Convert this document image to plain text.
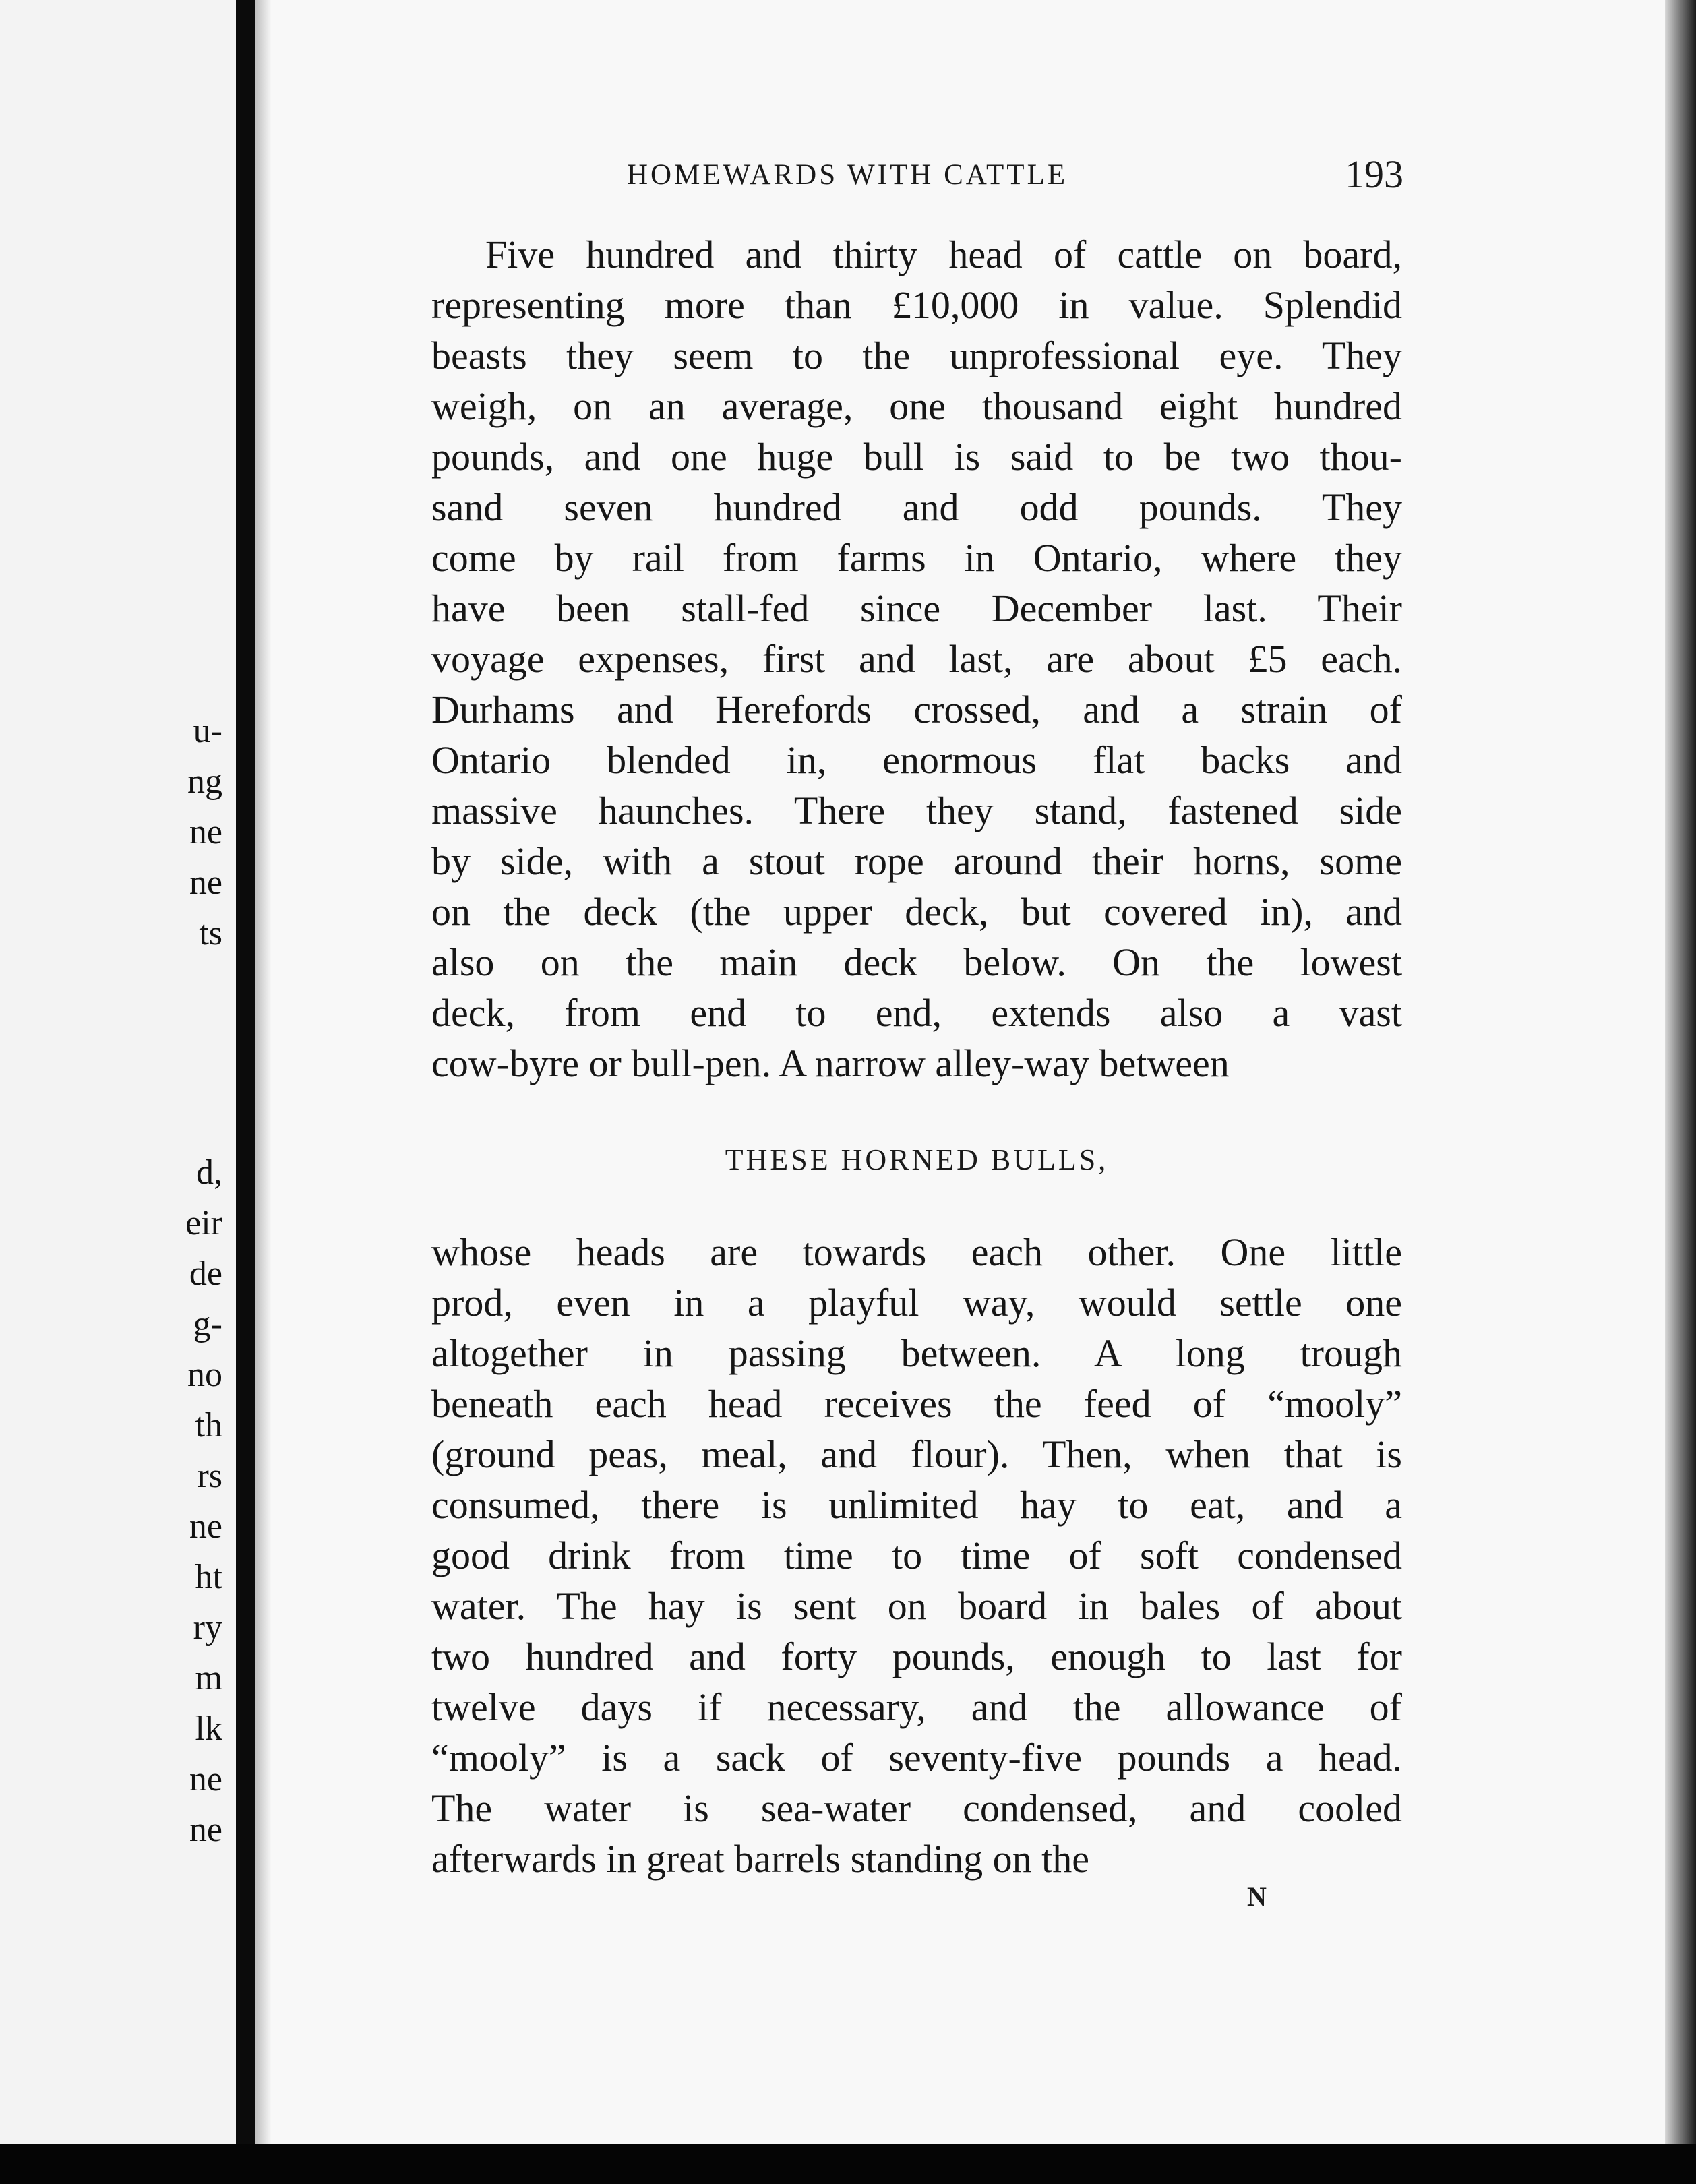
u-
ng
ne
ne
ts
d,
eir
de
g-
no
th
rs
ne
ht
ry
m
lk
ne
ne
HOMEWARDS WITH CATTLE	193
Five hundred and thirty head of cattle on board,
representing more than £10,000 in value. Splendid
beasts they seem to the unprofessional eye. They
weigh, on an average, one thousand eight hundred
pounds, and one huge bull is said to be two thou-
sand seven hundred and odd pounds. They
come by rail from farms in Ontario, where they
have been stall-fed since December last. Their
voyage expenses, first and last, are about £5 each.
Durhams and Herefords crossed, and a strain of
Ontario blended in, enormous flat backs and
massive haunches. There they stand, fastened side
by side, with a stout rope around their horns, some
on the deck (the upper deck, but covered in), and
also on the main deck below. On the lowest
deck, from end to end, extends also a vast
cow-byre or bull-pen. A narrow alley-way between
THESE HORNED BULLS,
whose heads are towards each other. One little
prod, even in a playful way, would settle one
altogether in passing between. A long trough
beneath each head receives the feed of “mooly”
(ground peas, meal, and flour). Then, when that is
consumed, there is unlimited hay to eat, and a
good drink from time to time of soft condensed
water. The hay is sent on board in bales of about
two hundred and forty pounds, enough to last for
twelve days if necessary, and the allowance of
“mooly” is a sack of seventy-five pounds a head.
The water is sea-water condensed, and cooled
afterwards in great barrels standing on the
N
